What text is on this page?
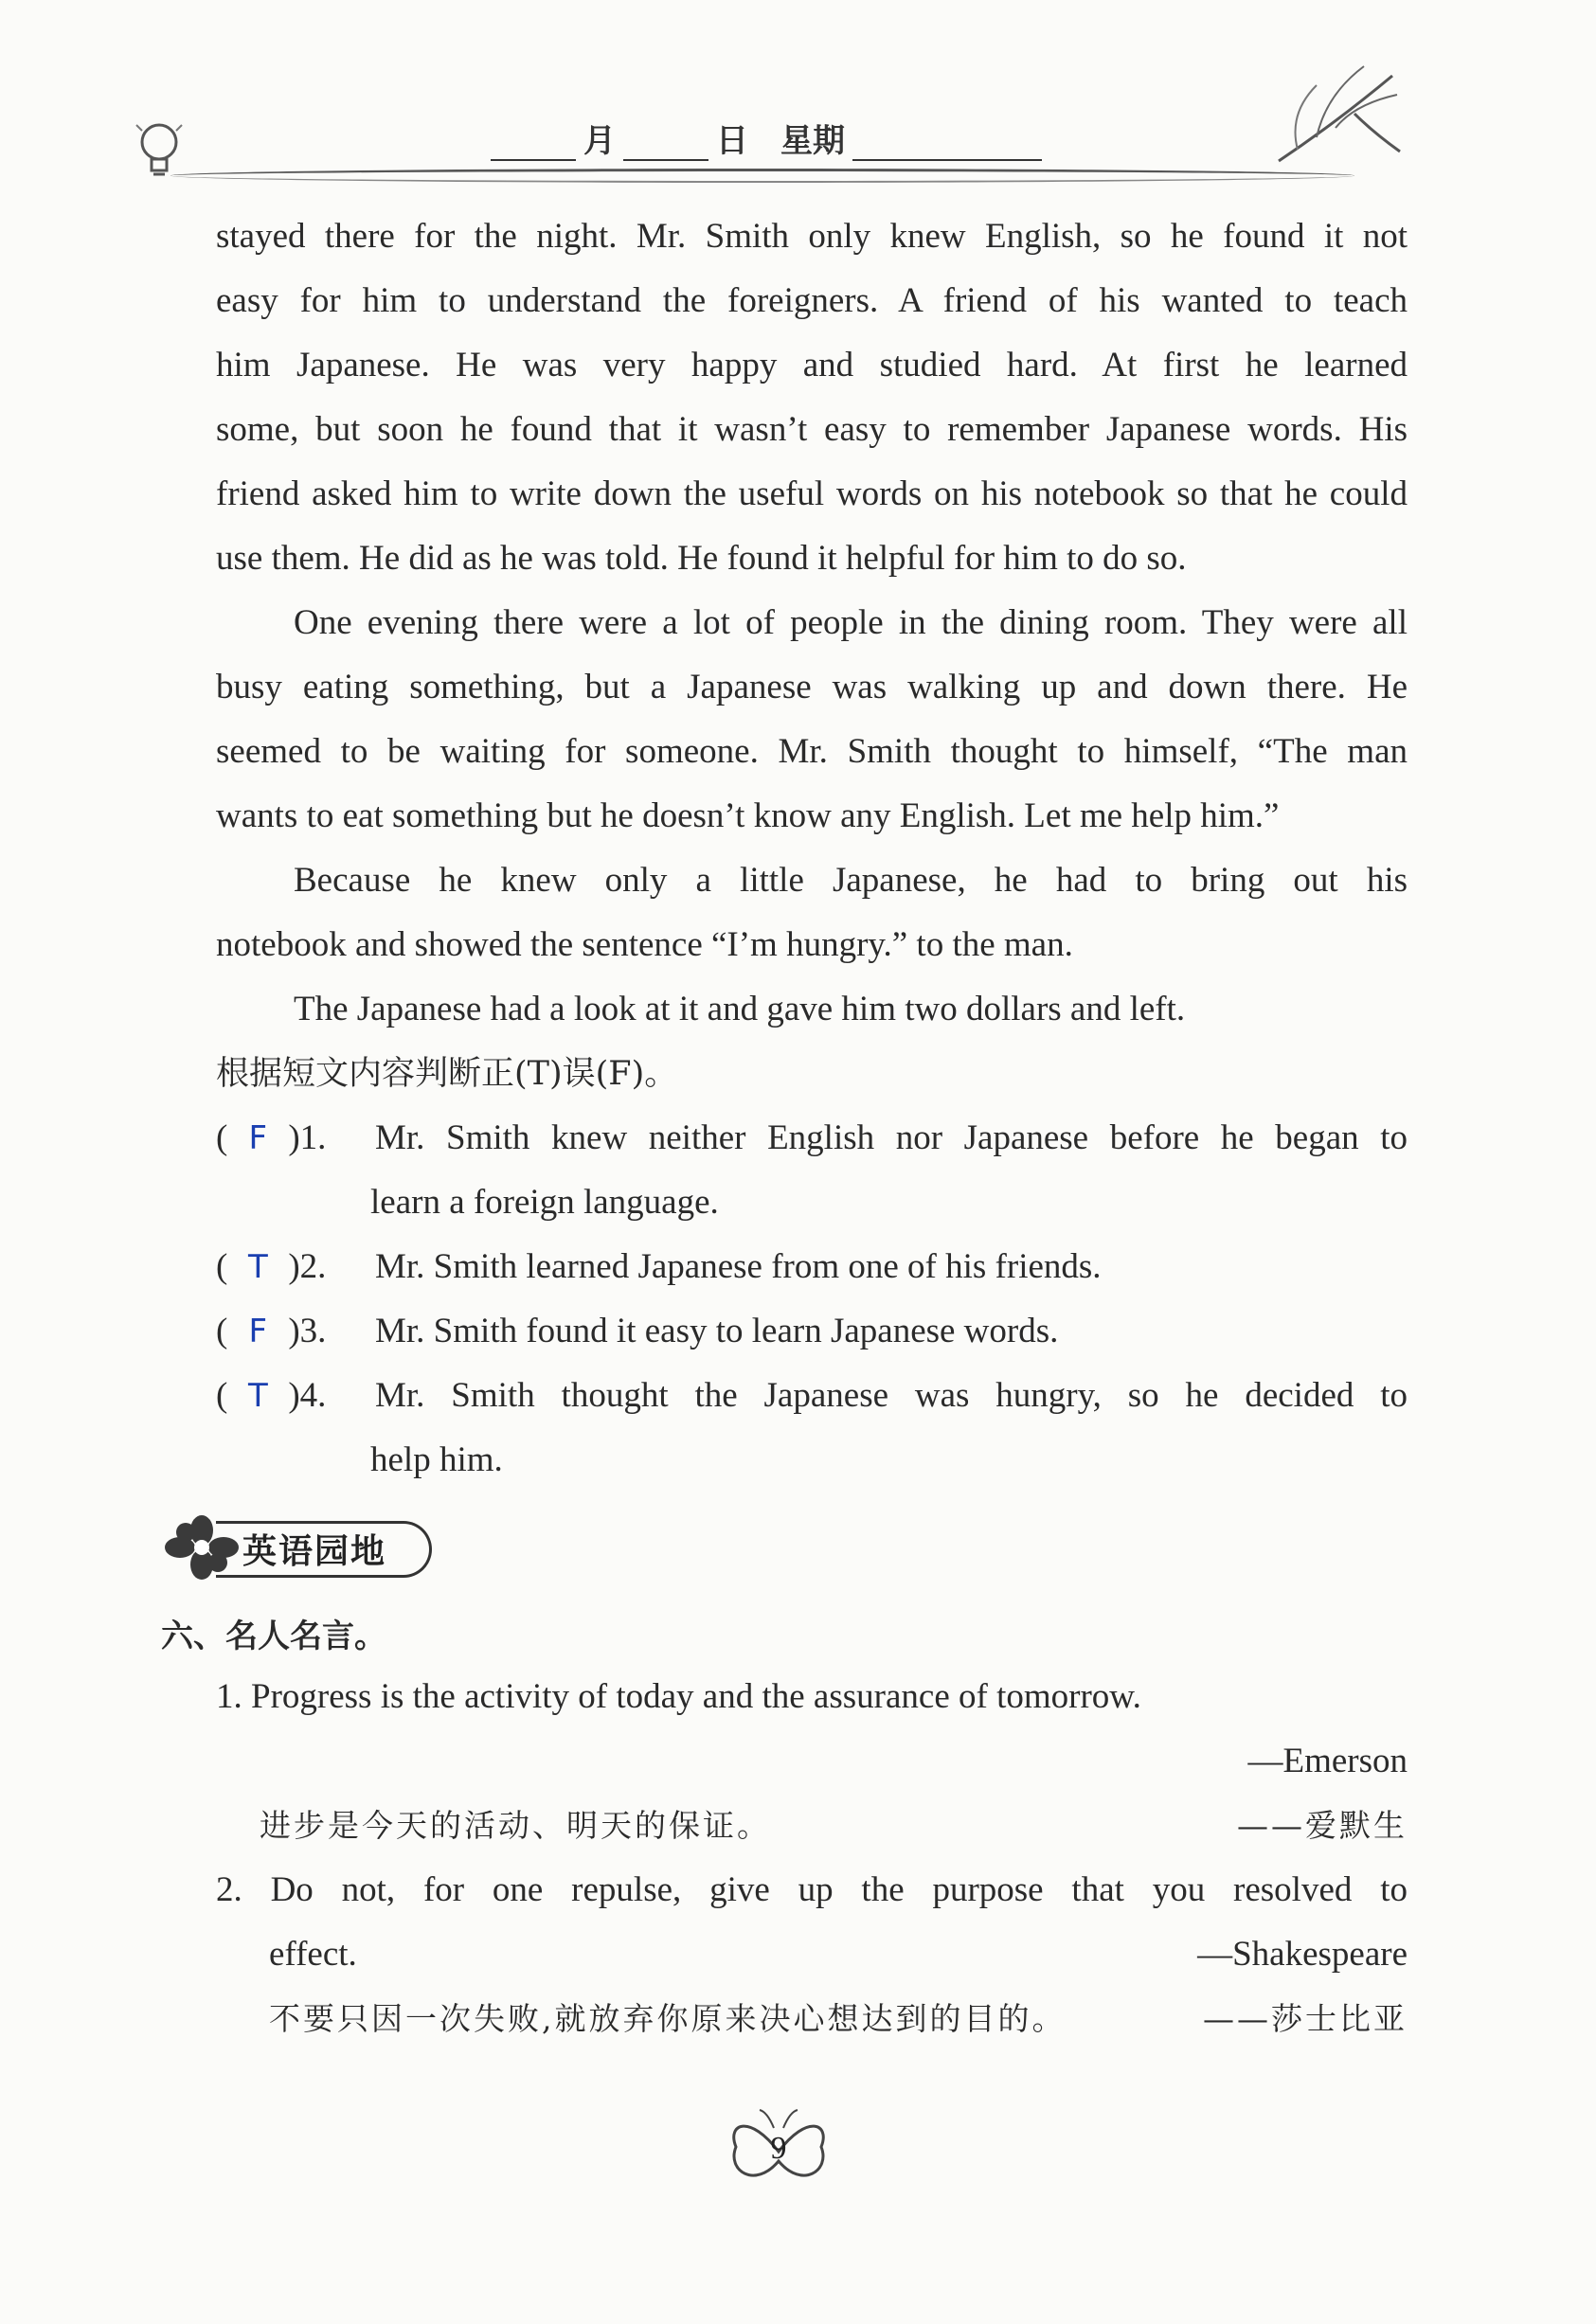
月	日 星期
stayed there for the night. Mr. Smith only knew English, so he found it not
easy for him to understand the foreigners. A friend of his wanted to teach
him Japanese. He was very happy and studied hard. At first he learned
some, but soon he found that it wasn’t easy to remember Japanese words. His
friend asked him to write down the useful words on his notebook so that he could
use them. He did as he was told. He found it helpful for him to do so.
One evening there were a lot of people in the dining room. They were all
busy eating something, but a Japanese was walking up and down there. He
seemed to be waiting for someone. Mr. Smith thought to himself, “The man
wants to eat something but he doesn’t know any English. Let me help him.”
Because he knew only a little Japanese, he had to bring out his
notebook and showed the sentence “I’m hungry.” to the man.
The Japanese had a look at it and gave him two dollars and left.
根据短文内容判断正(T)误(F)。
( F )1.	Mr. Smith knew neither English nor Japanese before he began to
learn a foreign language.
( T )2.	Mr. Smith learned Japanese from one of his friends.
( F )3.	Mr. Smith found it easy to learn Japanese words.
( T )4.	Mr. Smith thought the Japanese was hungry, so he decided to
help him.
英语园地
六、名人名言。
1. Progress is the activity of today and the assurance of tomorrow.
—Emerson
进步是今天的活动、明天的保证。	——爱默生
2. Do not, for one repulse, give up the purpose that you resolved to
effect.	—Shakespeare
不要只因一次失败,就放弃你原来决心想达到的目的。	——莎士比亚
9
